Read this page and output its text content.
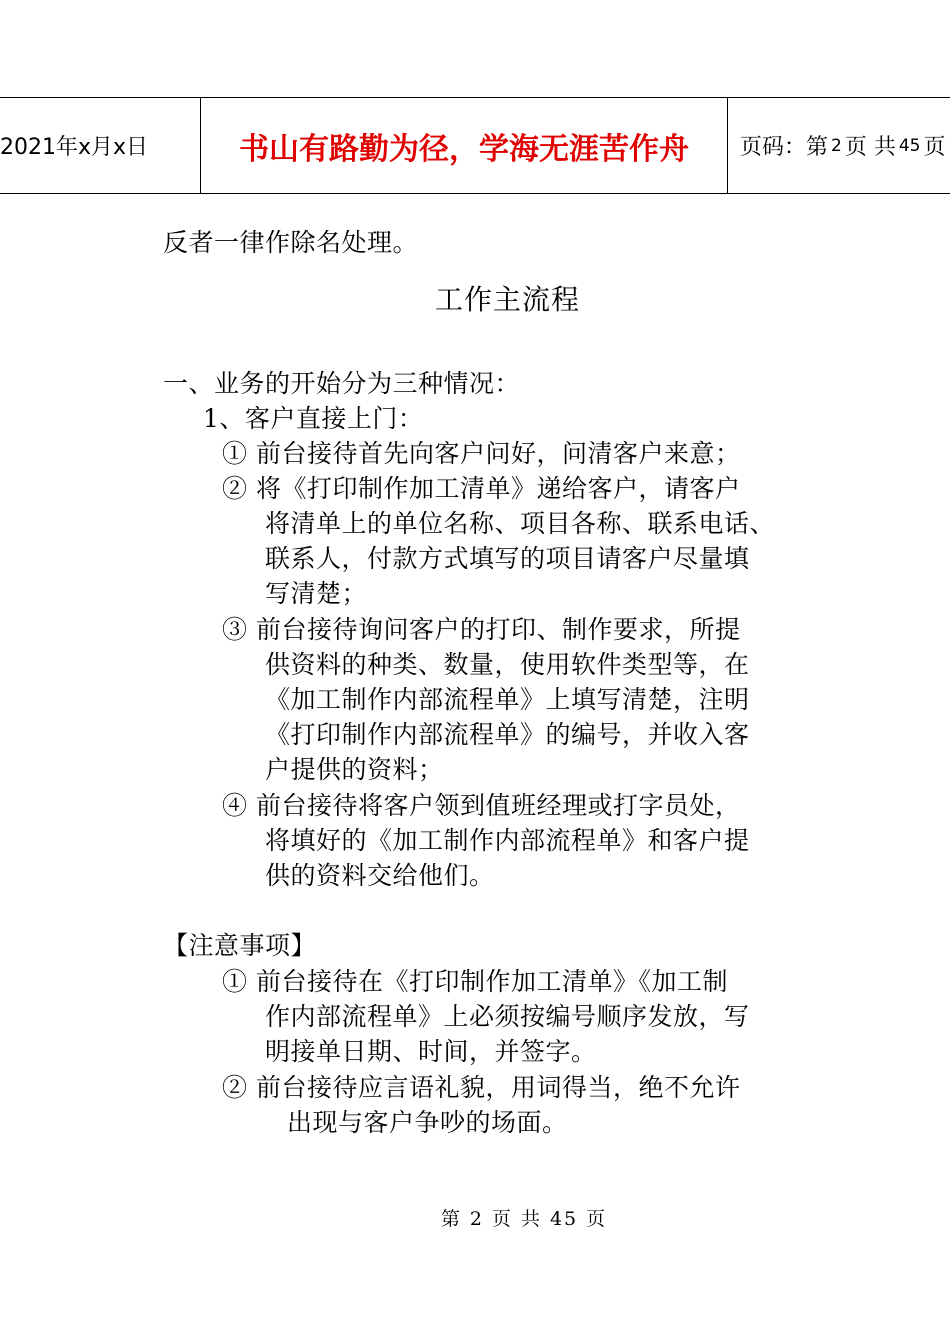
2021年x月x日	书山有路勤为径，学海无涯苦作舟	页码：第 2 页 共 45 页
反者一律作除名处理。
工作主流程
一、业务的开始分为三种情况：
1、客户直接上门：
① 前台接待首先向客户问好，问清客户来意；
② 将《打印制作加工清单》递给客户，请客户
将清单上的单位名称、项目各称、联系电话、
联系人，付款方式填写的项目请客户尽量填
写清楚；
③ 前台接待询问客户的打印、制作要求，所提
供资料的种类、数量，使用软件类型等，在
《加工制作内部流程单》上填写清楚，注明
《打印制作内部流程单》的编号，并收入客
户提供的资料；
④ 前台接待将客户领到值班经理或打字员处，
将填好的《加工制作内部流程单》和客户提
供的资料交给他们。
【注意事项】
① 前台接待在《打印制作加工清单》《加工制
作内部流程单》上必须按编号顺序发放，写
明接单日期、时间，并签字。
② 前台接待应言语礼貌，用词得当，绝不允许
出现与客户争吵的场面。
第 2 页 共 45 页
